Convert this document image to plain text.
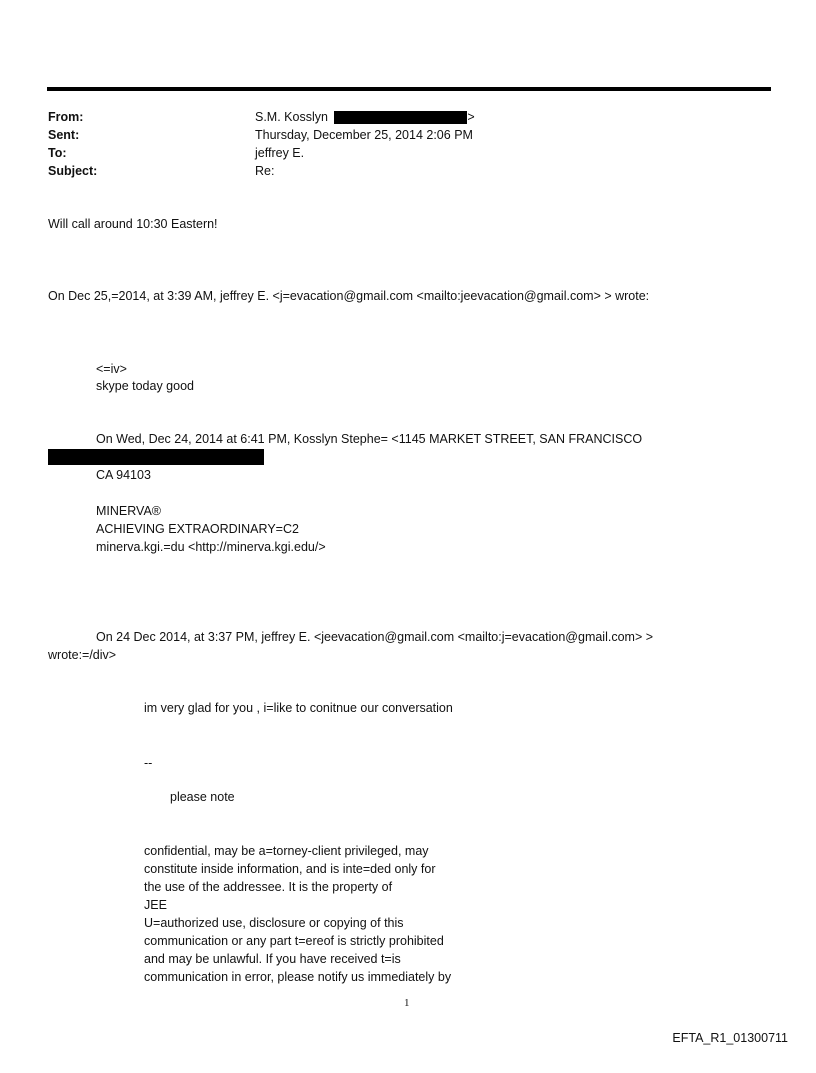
From:	S.M. Kosslyn	>
Sent:	Thursday, December 25, 2014 2:06 PM
To:	jeffrey E.
Subject:	Re:
Will call around 10:30 Eastern!
On Dec 25,=2014, at 3:39 AM, jeffrey E. <j=evacation@gmail.com <mailto:jeevacation@gmail.com> > wrote:
<=iv>
skype today good
On Wed, Dec 24, 2014 at 6:41 PM, Kosslyn Stephe= <1145 MARKET STREET, SAN FRANCISCO
CA 94103
MINERVA®
ACHIEVING EXTRAORDINARY=C2
minerva.kgi.=du <http://minerva.kgi.edu/>
On 24 Dec 2014, at 3:37 PM, jeffrey E. <jeevacation@gmail.com <mailto:j=evacation@gmail.com> >
wrote:=/div>
im very glad for you , i=like to conitnue our conversation
--
please note
confidential, may be a=torney-client privileged, may
constitute inside information, and is inte=ded only for
the use of the addressee. It is the property of
JEE
U=authorized use, disclosure or copying of this
communication or any part t=ereof is strictly prohibited
and may be unlawful. If you have received t=is
communication in error, please notify us immediately by
1
EFTA_R1_01300711
